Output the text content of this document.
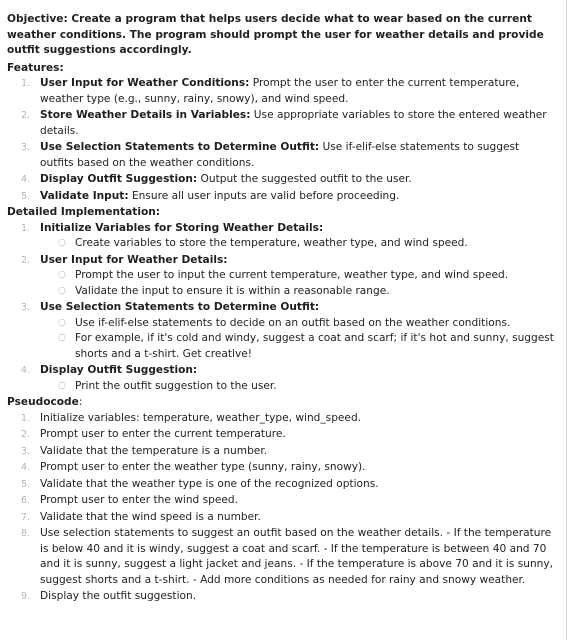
Objective: Create a program that helps users decide what to wear based on the current weather conditions. The program should prompt the user for weather details and provide outfit suggestions accordingly.

Features:

1. User Input for Weather Conditions: Prompt the user to enter the current temperature, weather type (e.g., sunny, rainy, snowy), and wind speed.
2. Store Weather Details in Variables: Use appropriate variables to store the entered weather details.
3. Use Selection Statements to Determine Outfit: Use if-elif-else statements to suggest outfits based on the weather conditions.
4. Display Outfit Suggestion: Output the suggested outfit to the user.
5. Validate Input: Ensure all user inputs are valid before proceeding.

Detailed Implementation:

1. Initialize Variables for Storing Weather Details:
○ Create variables to store the temperature, weather type, and wind speed.
2. User Input for Weather Details:
○ Prompt the user to input the current temperature, weather type, and wind speed.
○ Validate the input to ensure it is within a reasonable range.
3. Use Selection Statements to Determine Outfit:
○ Use if-elif-else statements to decide on an outfit based on the weather conditions.
○ For example, if it's cold and windy, suggest a coat and scarf; if it's hot and sunny, suggest shorts and a t-shirt. Get creative!
4. Display Outfit Suggestion:
○ Print the outfit suggestion to the user.

Pseudocode:

1. Initialize variables: temperature, weather_type, wind_speed.
2. Prompt user to enter the current temperature.
3. Validate that the temperature is a number.
4. Prompt user to enter the weather type (sunny, rainy, snowy).
5. Validate that the weather type is one of the recognized options.
6. Prompt user to enter the wind speed.
7. Validate that the wind speed is a number.
8. Use selection statements to suggest an outfit based on the weather details. - If the temperature is below 40 and it is windy, suggest a coat and scarf. - If the temperature is between 40 and 70 and it is sunny, suggest a light jacket and jeans. - If the temperature is above 70 and it is sunny, suggest shorts and a t-shirt. - Add more conditions as needed for rainy and snowy weather.
9. Display the outfit suggestion.
